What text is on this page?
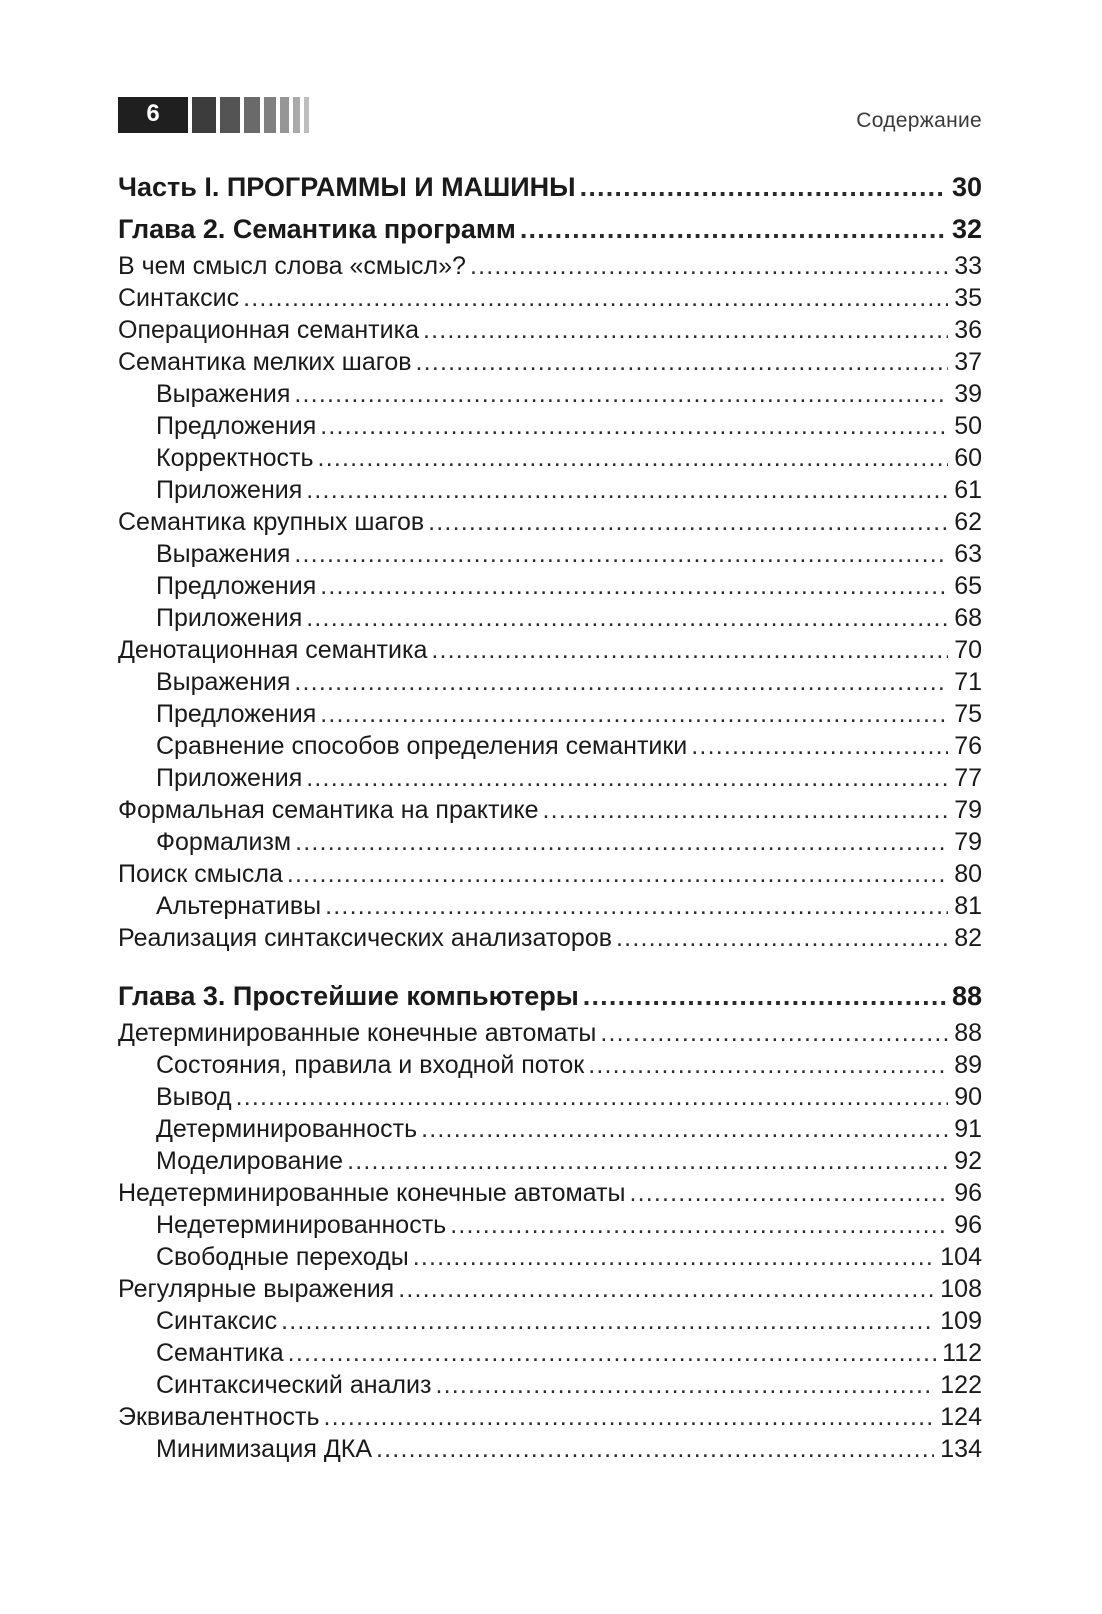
6	Содержание
Часть I. ПРОГРАММЫ И МАШИНЫ .....	30
Глава 2. Семантика программ .....	32
В чем смысл слова «смысл»? .....	33
Синтаксис .....	35
Операционная семантика .....	36
Семантика мелких шагов .....	37
Выражения .....	39
Предложения .....	50
Корректность .....	60
Приложения .....	61
Семантика крупных шагов .....	62
Выражения .....	63
Предложения .....	65
Приложения .....	68
Денотационная семантика .....	70
Выражения .....	71
Предложения .....	75
Сравнение способов определения семантики .....	76
Приложения .....	77
Формальная семантика на практике .....	79
Формализм .....	79
Поиск смысла .....	80
Альтернативы .....	81
Реализация синтаксических анализаторов .....	82
Глава 3. Простейшие компьютеры .....	88
Детерминированные конечные автоматы .....	88
Состояния, правила и входной поток .....	89
Вывод .....	90
Детерминированность .....	91
Моделирование .....	92
Недетерминированные конечные автоматы .....	96
Недетерминированность .....	96
Свободные переходы .....	104
Регулярные выражения .....	108
Синтаксис .....	109
Семантика .....	112
Синтаксический анализ .....	122
Эквивалентность .....	124
Минимизация ДКА .....	134
